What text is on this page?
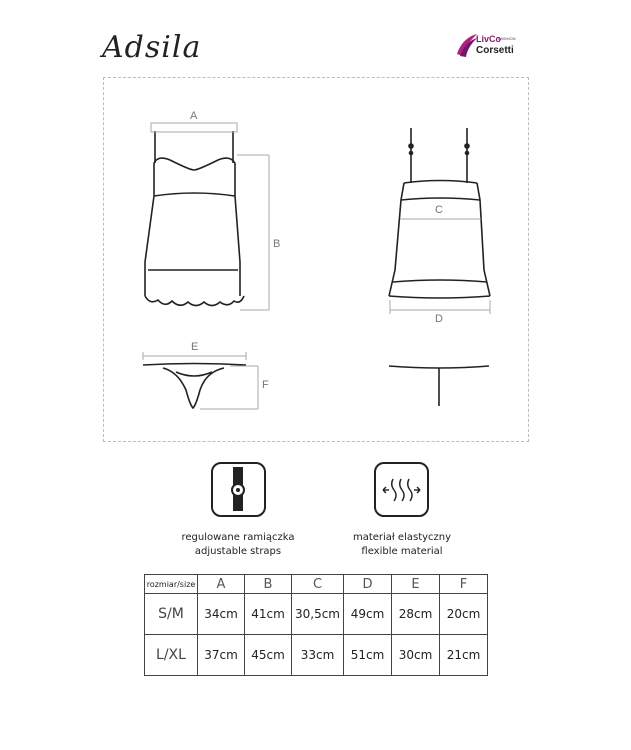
Adsila	LivCo
FASHION
Corsetti
A
B
C
D
E
F
regulowane ramiączka
adjustable straps
materiał elastyczny
flexible material
rozmiar/size	A	B	C	D	E	F
S/M	34cm	41cm	30,5cm	49cm	28cm	20cm
L/XL	37cm	45cm	33cm	51cm	30cm	21cm
